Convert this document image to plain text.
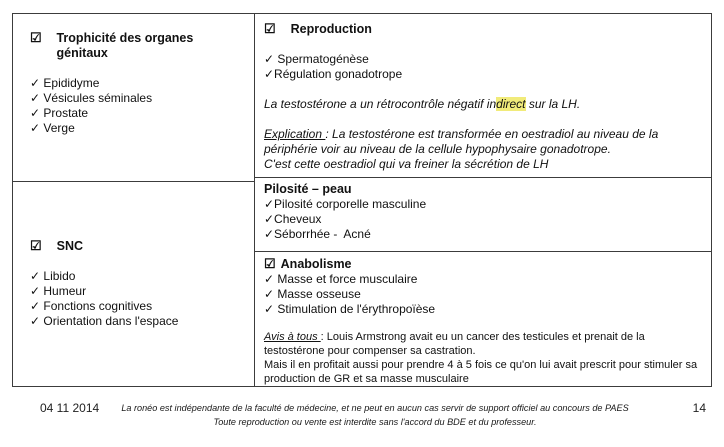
☑ Trophicité des organes génitaux
✓ Epididyme
✓ Vésicules séminales
✓ Prostate
✓ Verge
☑ SNC
✓ Libido
✓ Humeur
✓ Fonctions cognitives
✓ Orientation dans l'espace
☑ Reproduction
✓ Spermatogénèse
✓Régulation gonadotrope
La testostérone a un rétrocontrôle négatif indirect sur la LH.
Explication : La testostérone est transformée en oestradiol au niveau de la périphérie voir au niveau de la cellule hypophysaire gonadotrope.
C'est cette oestradiol qui va freiner la sécrétion de LH
Pilosité – peau
✓Pilosité corporelle masculine
✓Cheveux
✓Séborrhée -  Acné
☑ Anabolisme
✓ Masse et force musculaire
✓ Masse osseuse
✓ Stimulation de l'érythropoïèse
Avis à tous : Louis Armstrong avait eu un cancer des testicules et prenait de la testostérone pour compenser sa castration.
Mais il en profitait aussi pour prendre 4 à 5 fois ce qu'on lui avait prescrit pour stimuler sa production de GR et sa masse musculaire
04 11 2014	La ronéo est indépendante de la faculté de médecine, et ne peut en aucun cas servir de support officiel au concours de PAES
Toute reproduction ou vente est interdite sans l'accord du BDE et du professeur.
14
